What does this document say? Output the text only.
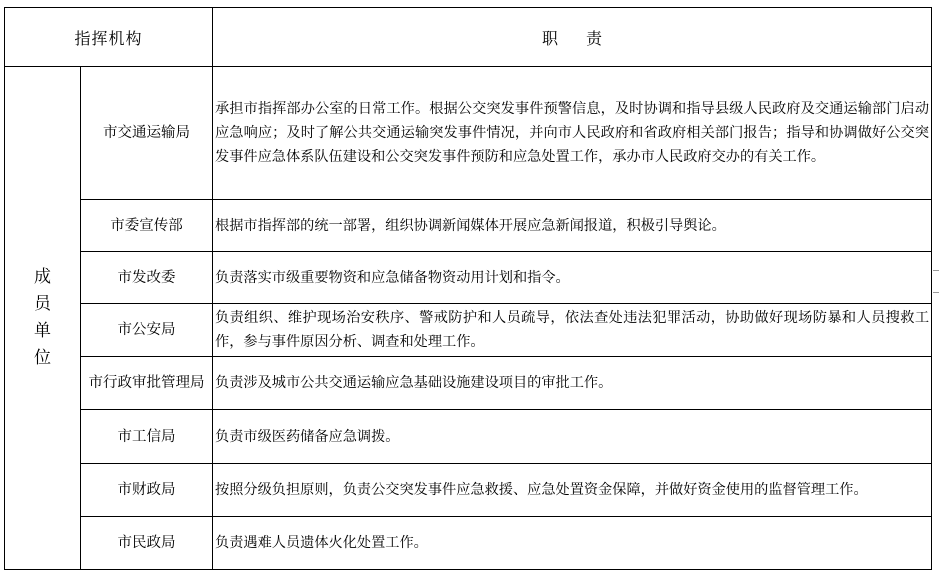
指挥机构		职责
成员单位	市交通运输局	承担市指挥部办公室的日常工作。根据公交突发事件预警信息，及时协调和指导县级人民政府及交通运输部门启动应急响应；及时了解公共交通运输突发事件情况，并向市人民政府和省政府相关部门报告；指导和协调做好公交突发事件应急体系队伍建设和公交突发事件预防和应急处置工作，承办市人民政府交办的有关工作。
	市委宣传部	根据市指挥部的统一部署，组织协调新闻媒体开展应急新闻报道，积极引导舆论。
	市发改委	负责落实市级重要物资和应急储备物资动用计划和指令。
	市公安局	负责组织、维护现场治安秩序、警戒防护和人员疏导，依法查处违法犯罪活动，协助做好现场防暴和人员搜救工作，参与事件原因分析、调查和处理工作。
	市行政审批管理局	负责涉及城市公共交通运输应急基础设施建设项目的审批工作。
	市工信局	负责市级医药储备应急调拨。
	市财政局	按照分级负担原则，负责公交突发事件应急救援、应急处置资金保障，并做好资金使用的监督管理工作。
	市民政局	负责遇难人员遗体火化处置工作。
